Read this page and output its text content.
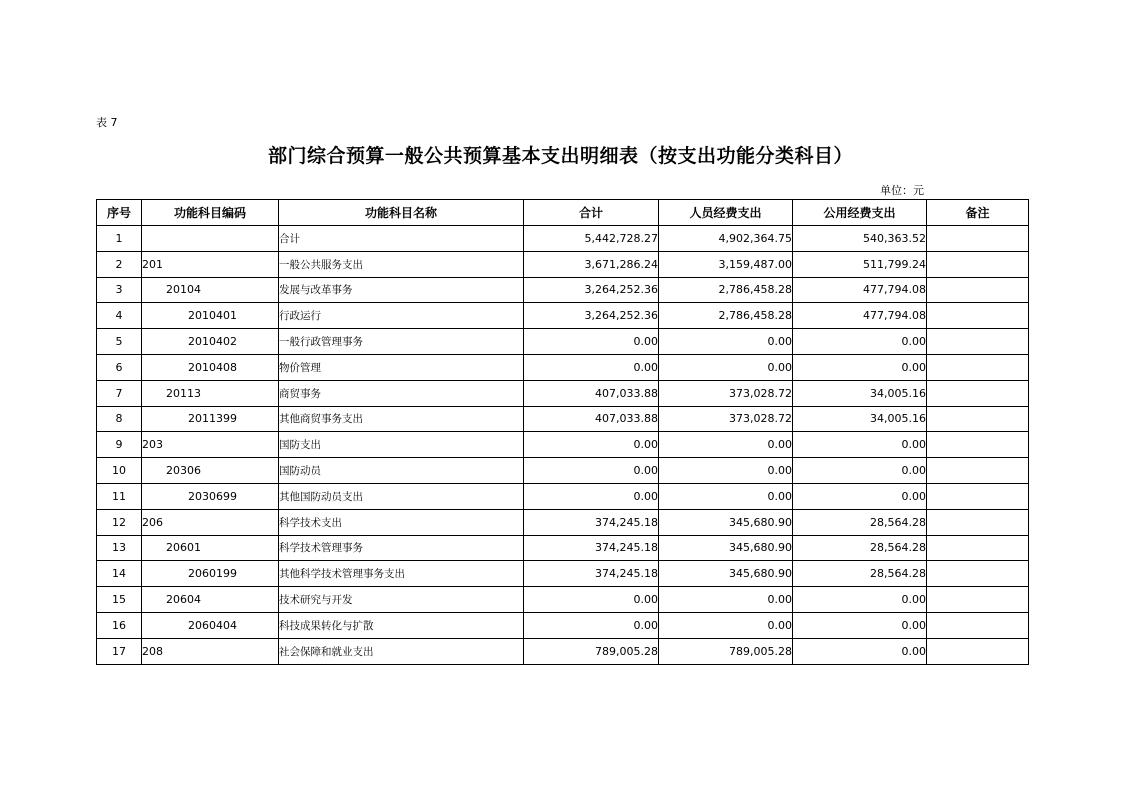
表 7
部门综合预算一般公共预算基本支出明细表（按支出功能分类科目）
单位：元
序号	功能科目编码	功能科目名称	合计	人员经费支出	公用经费支出	备注
1		合计	5,442,728.27	4,902,364.75	540,363.52	
2	201	一般公共服务支出	3,671,286.24	3,159,487.00	511,799.24	
3	20104	发展与改革事务	3,264,252.36	2,786,458.28	477,794.08	
4	2010401	行政运行	3,264,252.36	2,786,458.28	477,794.08	
5	2010402	一般行政管理事务	0.00	0.00	0.00	
6	2010408	物价管理	0.00	0.00	0.00	
7	20113	商贸事务	407,033.88	373,028.72	34,005.16	
8	2011399	其他商贸事务支出	407,033.88	373,028.72	34,005.16	
9	203	国防支出	0.00	0.00	0.00	
10	20306	国防动员	0.00	0.00	0.00	
11	2030699	其他国防动员支出	0.00	0.00	0.00	
12	206	科学技术支出	374,245.18	345,680.90	28,564.28	
13	20601	科学技术管理事务	374,245.18	345,680.90	28,564.28	
14	2060199	其他科学技术管理事务支出	374,245.18	345,680.90	28,564.28	
15	20604	技术研究与开发	0.00	0.00	0.00	
16	2060404	科技成果转化与扩散	0.00	0.00	0.00	
17	208	社会保障和就业支出	789,005.28	789,005.28	0.00	
